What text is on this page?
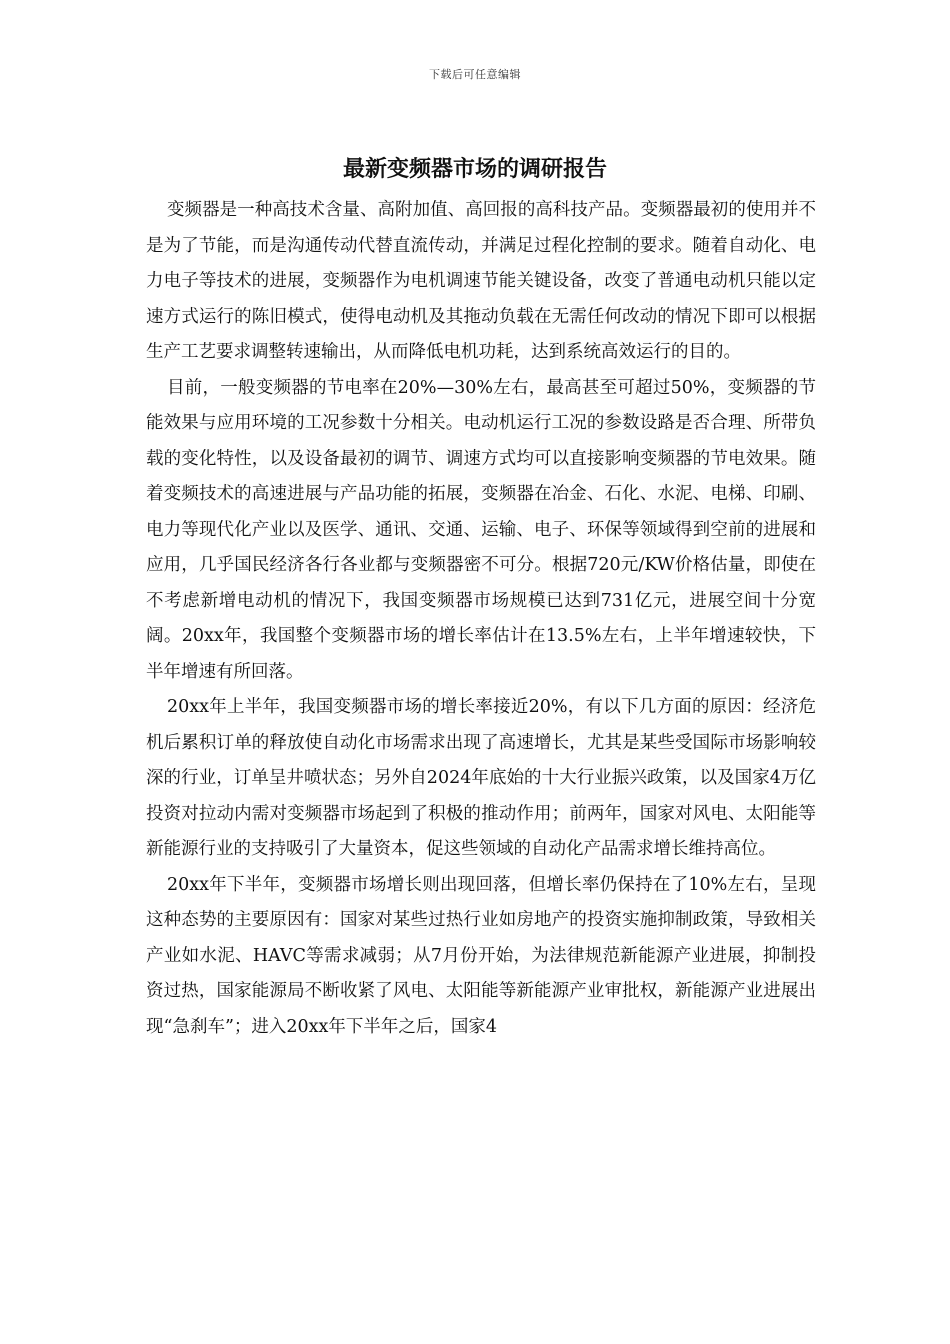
下载后可任意编辑
最新变频器市场的调研报告

变频器是一种高技术含量、高附加值、高回报的高科技产品。变频器最初的使用并不是为了节能，而是沟通传动代替直流传动，并满足过程化控制的要求。随着自动化、电力电子等技术的进展，变频器作为电机调速节能关键设备，改变了普通电动机只能以定速方式运行的陈旧模式，使得电动机及其拖动负载在无需任何改动的情况下即可以根据生产工艺要求调整转速输出，从而降低电机功耗，达到系统高效运行的目的。

目前，一般变频器的节电率在20%—30%左右，最高甚至可超过50%，变频器的节能效果与应用环境的工况参数十分相关。电动机运行工况的参数设路是否合理、所带负载的变化特性，以及设备最初的调节、调速方式均可以直接影响变频器的节电效果。随着变频技术的高速进展与产品功能的拓展，变频器在冶金、石化、水泥、电梯、印刷、电力等现代化产业以及医学、通讯、交通、运输、电子、环保等领域得到空前的进展和应用，几乎国民经济各行各业都与变频器密不可分。根据720元/KW价格估量，即使在不考虑新增电动机的情况下，我国变频器市场规模已达到731亿元，进展空间十分宽阔。20xx年，我国整个变频器市场的增长率估计在13.5%左右，上半年增速较快，下半年增速有所回落。

20xx年上半年，我国变频器市场的增长率接近20%，有以下几方面的原因：经济危机后累积订单的释放使自动化市场需求出现了高速增长，尤其是某些受国际市场影响较深的行业，订单呈井喷状态；另外自2024年底始的十大行业振兴政策，以及国家4万亿投资对拉动内需对变频器市场起到了积极的推动作用；前两年，国家对风电、太阳能等新能源行业的支持吸引了大量资本，促这些领域的自动化产品需求增长维持高位。

20xx年下半年，变频器市场增长则出现回落，但增长率仍保持在了10%左右，呈现这种态势的主要原因有：国家对某些过热行业如房地产的投资实施抑制政策，导致相关产业如水泥、HAVC等需求减弱；从7月份开始，为法律规范新能源产业进展，抑制投资过热，国家能源局不断收紧了风电、太阳能等新能源产业审批权，新能源产业进展出现“急刹车”；进入20xx年下半年之后，国家4
